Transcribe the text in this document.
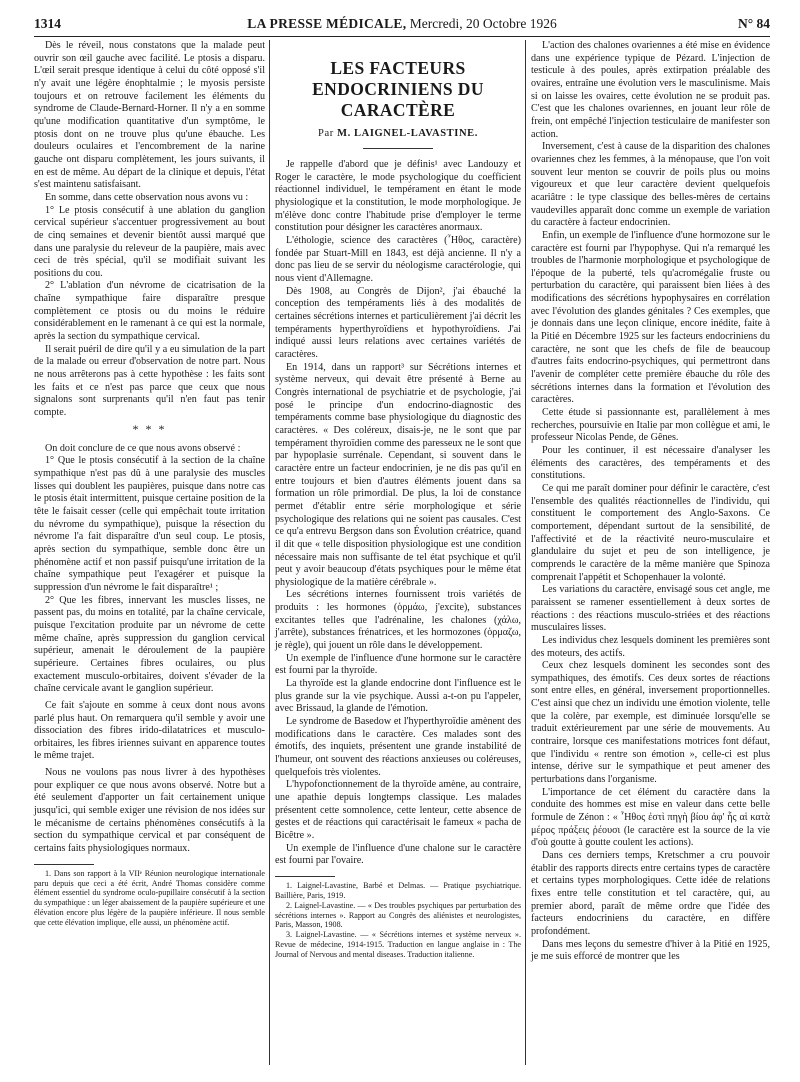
1314	LA PRESSE MÉDICALE, Mercredi, 20 Octobre 1926	N° 84

Dès le réveil, nous constatons que la malade peut ouvrir son œil gauche avec facilité. Le ptosis a disparu. L'œil serait presque identique à celui du côté opposé s'il n'y avait une légère énophtalmie ; le myosis persiste toujours et on retrouve facilement les éléments du syndrome de Claude-Bernard-Horner. Il n'y a en somme qu'une modification quantitative d'un symptôme, le ptosis dont on ne trouve plus qu'une ébauche. Les douleurs oculaires et l'encombrement de la narine gauche ont disparu complètement, les jours suivants, il en est de même. Au départ de la clinique et depuis, l'état s'est maintenu satisfaisant.

En somme, dans cette observation nous avons vu :

1° Le ptosis consécutif à une ablation du ganglion cervical supérieur s'accentuer progressivement au bout de cinq semaines et devenir bientôt aussi marqué que dans une paralysie du releveur de la paupière, mais avec ceci de très spécial, qu'il se modifiait suivant les positions du cou.

2° L'ablation d'un névrome de cicatrisation de la chaîne sympathique faire disparaître presque complètement ce ptosis ou du moins le réduire considérablement en le ramenant à ce qui est la normale, après la section du sympathique cervical.

Il serait puéril de dire qu'il y a eu simulation de la part de la malade ou erreur d'observation de notre part. Nous ne nous arrêterons pas à cette hypothèse : les faits sont les faits et ce n'est pas parce que ceux que nous signalons sont surprenants qu'il n'en faut pas tenir compte.

* * *

On doit conclure de ce que nous avons observé :

1° Que le ptosis consécutif à la section de la chaîne sympathique n'est pas dû à une paralysie des muscles lisses qui doublent les paupières, puisque dans notre cas le ptosis était intermittent, puisque certaine position de la tête le faisait cesser (celle qui empêchait toute irritation du névrome du sympathique), puisque la résection du névrome l'a fait disparaître d'un seul coup. Le ptosis, après section du sympathique, semble donc être un phénomène actif et non passif puisqu'une irritation de la chaîne sympathique peut l'exagérer et puisque la suppression d'un névrome le fait disparaître¹ ;

2° Que les fibres, innervant les muscles lisses, ne passent pas, du moins en totalité, par la chaîne cervicale, puisque l'excitation produite par un névrome de cette même chaîne, après suppression du ganglion cervical supérieur, amenait le déroulement de la paupière supérieure. Certaines fibres oculaires, ou plus exactement musculo-orbitaires, doivent s'évader de la chaîne cervicale avant le ganglion supérieur.

Ce fait s'ajoute en somme à ceux dont nous avons parlé plus haut. On remarquera qu'il semble y avoir une dissociation des fibres irido-dilatatrices et musculo-orbitaires, les fibres iriennes suivant en apparence toutes le même trajet.

Nous ne voulons pas nous livrer à des hypothèses pour expliquer ce que nous avons observé. Notre but a été seulement d'apporter un fait certainement unique jusqu'ici, qui semble exiger une révision de nos idées sur le mécanisme de certains phénomènes consécutifs à la section du sympathique cervical et par conséquent de certains faits physiologiques normaux.

1. Dans son rapport à la VIIᵉ Réunion neurologique internationale paru depuis que ceci a été écrit, André Thomas considère comme élément essentiel du syndrome oculo-pupillaire consécutif à la section du sympathique : un léger abaissement de la paupière supérieure et une élévation encore plus légère de la paupière inférieure. Il nous semble que cette élévation implique, elle aussi, un phénomène actif.

LES FACTEURS ENDOCRINIENS DU CARACTÈRE
Par M. LAIGNEL-LAVASTINE.

Je rappelle d'abord que je définis¹ avec Landouzy et Roger le caractère, le mode psychologique du coefficient réactionnel individuel, le tempérament en étant le mode physiologique et la constitution, le mode morphologique. Je m'élève donc contre l'habitude prise d'employer le terme constitution pour désigner les caractères anormaux.

L'éthologie, science des caractères (῏Ηθος, caractère) fondée par Stuart-Mill en 1843, est déjà ancienne. Il n'y a donc pas lieu de se servir du néologisme caractérologie, qui nous vient d'Allemagne.

Dès 1908, au Congrès de Dijon², j'ai ébauché la conception des tempéraments liés à des modalités de certaines sécrétions internes et particulièrement j'ai décrit les tempéraments hyperthyroïdiens et hypothyroïdiens. J'ai indiqué aussi leurs relations avec certaines variétés de caractères.

En 1914, dans un rapport³ sur Sécrétions internes et système nerveux, qui devait être présenté à Berne au Congrès international de psychiatrie et de psychologie, j'ai posé le principe d'un endocrino-diagnostic des tempéraments comme base physiologique du diagnostic des caractères. « Des coléreux, disais-je, ne le sont que par tempérament thyroïdien comme des paresseux ne le sont que par hypoplasie surrénale. Cependant, si souvent dans le caractère entre un facteur endocrinien, je ne dis pas qu'il en entre toujours et bien d'autres éléments jouent dans sa formation un rôle primordial. De plus, la loi de constance permet d'établir entre série morphologique et série psychologique des relations qui ne soient pas causales. C'est ce qu'a entrevu Bergson dans son Évolution créatrice, quand il dit que « telle disposition physiologique est une condition nécessaire mais non suffisante de tel état psychique et qu'il peut y avoir beaucoup d'états psychiques pour le même état physiologique de la matière cérébrale ».

Les sécrétions internes fournissent trois variétés de produits : les hormones (ὁρμάω, j'excite), substances excitantes telles que l'adrénaline, les chalones (χάλω, j'arrête), substances frénatrices, et les hormozones (ὁρμαζω, je règle), qui jouent un rôle dans le développement.

Un exemple de l'influence d'une hormone sur le caractère est fourni par la thyroïde.

La thyroïde est la glande endocrine dont l'influence est le plus grande sur la vie psychique. Aussi a-t-on pu l'appeler, avec Brissaud, la glande de l'émotion.

Le syndrome de Basedow et l'hyperthyroïdie amènent des modifications dans le caractère. Ces malades sont des émotifs, des inquiets, présentent une grande instabilité de l'humeur, ont souvent des réactions anxieuses ou coléreuses, quelquefois très violentes.

L'hypofonctionnement de la thyroïde amène, au contraire, une apathie depuis longtemps classique. Les malades présentent cette somnolence, cette lenteur, cette absence de gestes et de réactions qui caractérisait le fameux « pacha de Bicêtre ».

Un exemple de l'influence d'une chalone sur le caractère est fourni par l'ovaire.

1. Laignel-Lavastine, Barbé et Delmas. — Pratique psychiatrique. Baillière, Paris, 1919.

2. Laignel-Lavastine. — « Des troubles psychiques par perturbation des sécrétions internes ». Rapport au Congrès des aliénistes et neurologistes, Paris, Masson, 1908.

3. Laignel-Lavastine. — « Sécrétions internes et système nerveux ». Revue de médecine, 1914-1915. Traduction en langue anglaise in : The Journal of Nervous and mental diseases. Traduction italienne.

L'action des chalones ovariennes a été mise en évidence dans une expérience typique de Pézard. L'injection de testicule à des poules, après extirpation préalable des ovaires, entraîne une évolution vers le masculinisme. Mais si on laisse les ovaires, cette évolution ne se produit pas. C'est que les chalones ovariennes, en jouant leur rôle de frein, ont empêché l'injection testiculaire de manifester son action.

Inversement, c'est à cause de la disparition des chalones ovariennes chez les femmes, à la ménopause, que l'on voit souvent leur menton se couvrir de poils plus ou moins vigoureux et que leur caractère devient quelquefois acariâtre : le type classique des belles-mères de certains vaudevilles apparaît donc comme un exemple de variation du caractère à facteur endocrinien.

Enfin, un exemple de l'influence d'une hormozone sur le caractère est fourni par l'hypophyse. Qui n'a remarqué les troubles de l'harmonie morphologique et psychologique de l'époque de la puberté, tels qu'acromégalie fruste ou perturbation du caractère, qui paraissent bien liées à des modifications des sécrétions hypophysaires en corrélation avec l'évolution des glandes génitales ? Ces exemples, que je donnais dans une leçon clinique, encore inédite, faite à la Pitié en Décembre 1925 sur les facteurs endocriniens du caractère, ne sont que les chefs de file de beaucoup d'autres faits endocrino-psychiques, qui permettront dans l'avenir de compléter cette première ébauche du rôle des sécrétions internes dans la formation et l'évolution des caractères.

Cette étude si passionnante est, parallèlement à mes recherches, poursuivie en Italie par mon collègue et ami, le professeur Nicolas Pende, de Gênes.

Pour les continuer, il est nécessaire d'analyser les éléments des caractères, des tempéraments et des constitutions.

Ce qui me paraît dominer pour définir le caractère, c'est l'ensemble des qualités réactionnelles de l'individu, qui constituent le comportement des Anglo-Saxons. Ce comportement, dépendant surtout de la sensibilité, de l'affectivité et de la réactivité neuro-musculaire et glandulaire du sujet et peu de son intelligence, je comprends le caractère de la même manière que Spinoza comprenait l'appétit et Schopenhauer la volonté.

Les variations du caractère, envisagé sous cet angle, me paraissent se ramener essentiellement à deux sortes de réactions : des réactions musculo-striées et des réactions musculaires lisses.

Les individus chez lesquels dominent les premières sont des moteurs, des actifs.

Ceux chez lesquels dominent les secondes sont des sympathiques, des émotifs. Ces deux sortes de réactions sont entre elles, en général, inversement proportionnelles. C'est ainsi que chez un individu une émotion violente, telle que la colère, par exemple, est diminuée lorsqu'elle se traduit extérieurement par une série de mouvements. Au contraire, lorsque ces manifestations motrices font défaut, que l'individu « rentre son émotion », celle-ci est plus intense, dérive sur le sympathique et peut amener des perturbations dans l'organisme.

L'importance de cet élément du caractère dans la conduite des hommes est mise en valeur dans cette belle formule de Zénon : « ῏Ηθος ἐστὶ πηγὴ βίου ἀφ' ἧς αἱ κατὰ μέρος πράξεις ῥέουσι (le caractère est la source de la vie d'où goutte à goutte coulent les actions).

Dans ces derniers temps, Kretschmer a cru pouvoir établir des rapports directs entre certains types de caractère et certains types morphologiques. Cette idée de relations fixes entre telle constitution et tel caractère, qui, au premier abord, paraît de même ordre que l'idée des facteurs endocriniens du caractère, en diffère profondément.

Dans mes leçons du semestre d'hiver à la Pitié en 1925, je me suis efforcé de montrer que les
